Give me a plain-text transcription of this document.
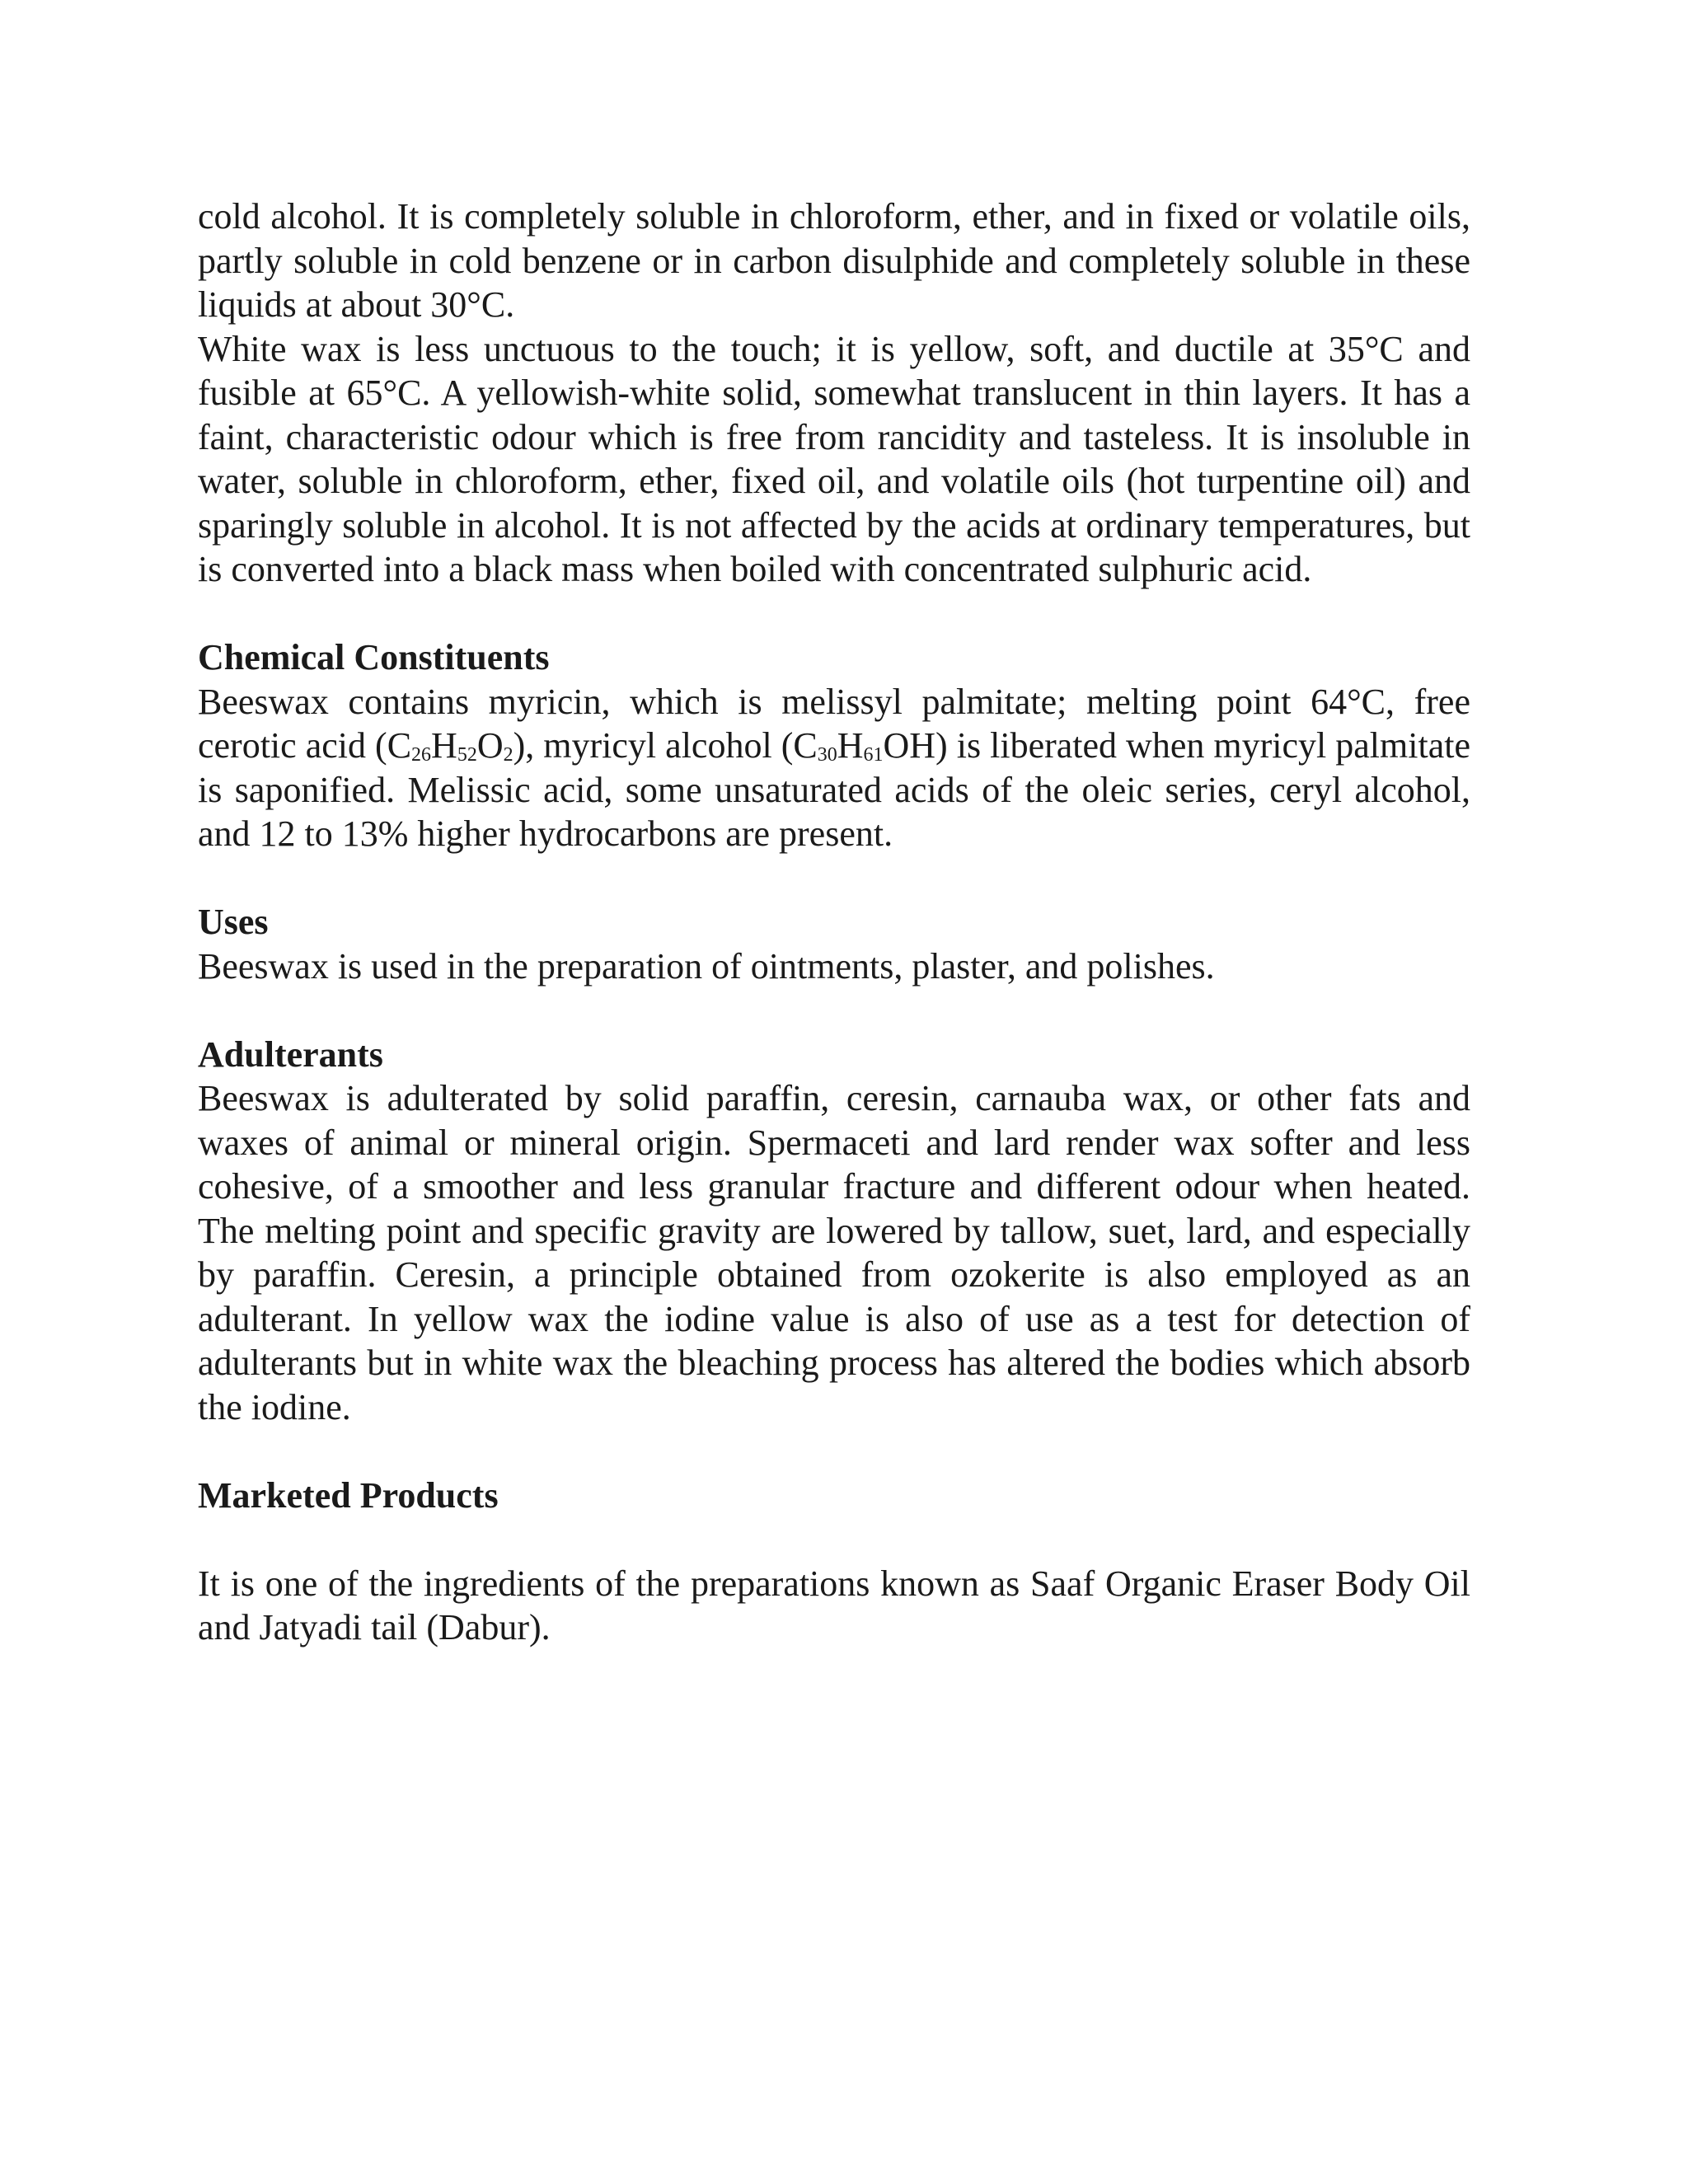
cold alcohol. It is completely soluble in chloroform, ether, and in fixed or volatile oils, partly soluble in cold benzene or in carbon disulphide and completely soluble in these liquids at about 30°C.

White wax is less unctuous to the touch; it is yellow, soft, and ductile at 35°C and fusible at 65°C. A yellowish-white solid, somewhat translucent in thin layers. It has a faint, characteristic odour which is free from rancidity and tasteless. It is insoluble in water, soluble in chloroform, ether, fixed oil, and volatile oils (hot turpentine oil) and sparingly soluble in alcohol. It is not affected by the acids at ordinary temperatures, but is converted into a black mass when boiled with concentrated sulphuric acid.

Chemical Constituents

Beeswax contains myricin, which is melissyl palmitate; melting point 64°C, free cerotic acid $(C_{26}H_{52}O_2)$, myricyl alcohol $(C_{30}H_{61}OH)$ is liberated when myricyl palmitate is saponified. Melissic acid, some unsaturated acids of the oleic series, ceryl alcohol, and 12 to 13% higher hydrocarbons are present.

Uses

Beeswax is used in the preparation of ointments, plaster, and polishes.

Adulterants

Beeswax is adulterated by solid paraffin, ceresin, carnauba wax, or other fats and waxes of animal or mineral origin. Spermaceti and lard render wax softer and less cohesive, of a smoother and less granular fracture and different odour when heated. The melting point and specific gravity are lowered by tallow, suet, lard, and especially by paraffin. Ceresin, a principle obtained from ozokerite is also employed as an adulterant. In yellow wax the iodine value is also of use as a test for detection of adulterants but in white wax the bleaching process has altered the bodies which absorb the iodine.

Marketed Products

It is one of the ingredients of the preparations known as Saaf Organic Eraser Body Oil and Jatyadi tail (Dabur).
